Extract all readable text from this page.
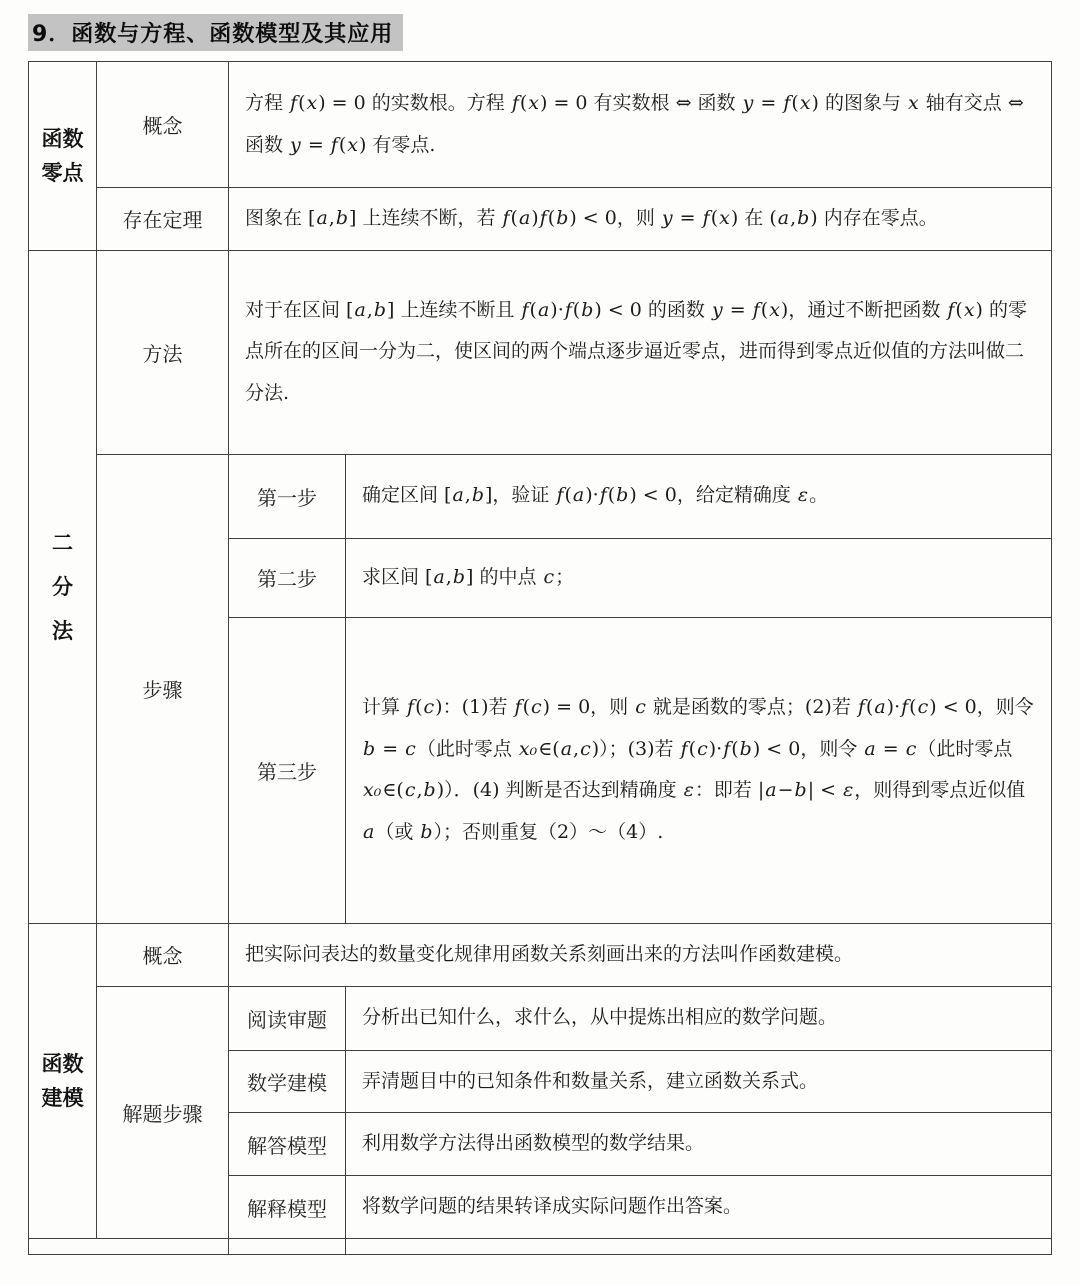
9．函数与方程、函数模型及其应用
函数零点	概念	方程 f(x) = 0 的实数根。方程 f(x) = 0 有实数根 ⇔ 函数 y = f(x) 的图象与 x 轴有交点 ⇔ 函数 y = f(x) 有零点.	
	存在定理	图象在 [a,b] 上连续不断，若 f(a)f(b) < 0，则 y = f(x) 在 (a,b) 内存在零点。	
二分法	方法	对于在区间 [a,b] 上连续不断且 f(a)·f(b) < 0 的函数 y = f(x)，通过不断把函数 f(x) 的零点所在的区间一分为二，使区间的两个端点逐步逼近零点，进而得到零点近似值的方法叫做二分法.	
	步骤	第一步	确定区间 [a,b]，验证 f(a)·f(b) < 0，给定精确度 ε。
		第二步	求区间 [a,b] 的中点 c；
		第三步	计算 f(c)：(1)若 f(c) = 0，则 c 就是函数的零点；(2)若 f(a)·f(c) < 0，则令 b = c（此时零点 x₀∈(a,c)）；(3)若 f(c)·f(b) < 0，则令 a = c（此时零点 x₀∈(c,b)）．(4) 判断是否达到精确度 ε：即若 |a−b| < ε，则得到零点近似值 a（或 b）；否则重复（2）～（4）.
函数建模	概念	把实际问表达的数量变化规律用函数关系刻画出来的方法叫作函数建模。	
	解题步骤	阅读审题	分析出已知什么，求什么，从中提炼出相应的数学问题。
		数学建模	弄清题目中的已知条件和数量关系，建立函数关系式。
		解答模型	利用数学方法得出函数模型的数学结果。
		解释模型	将数学问题的结果转译成实际问题作出答案。
